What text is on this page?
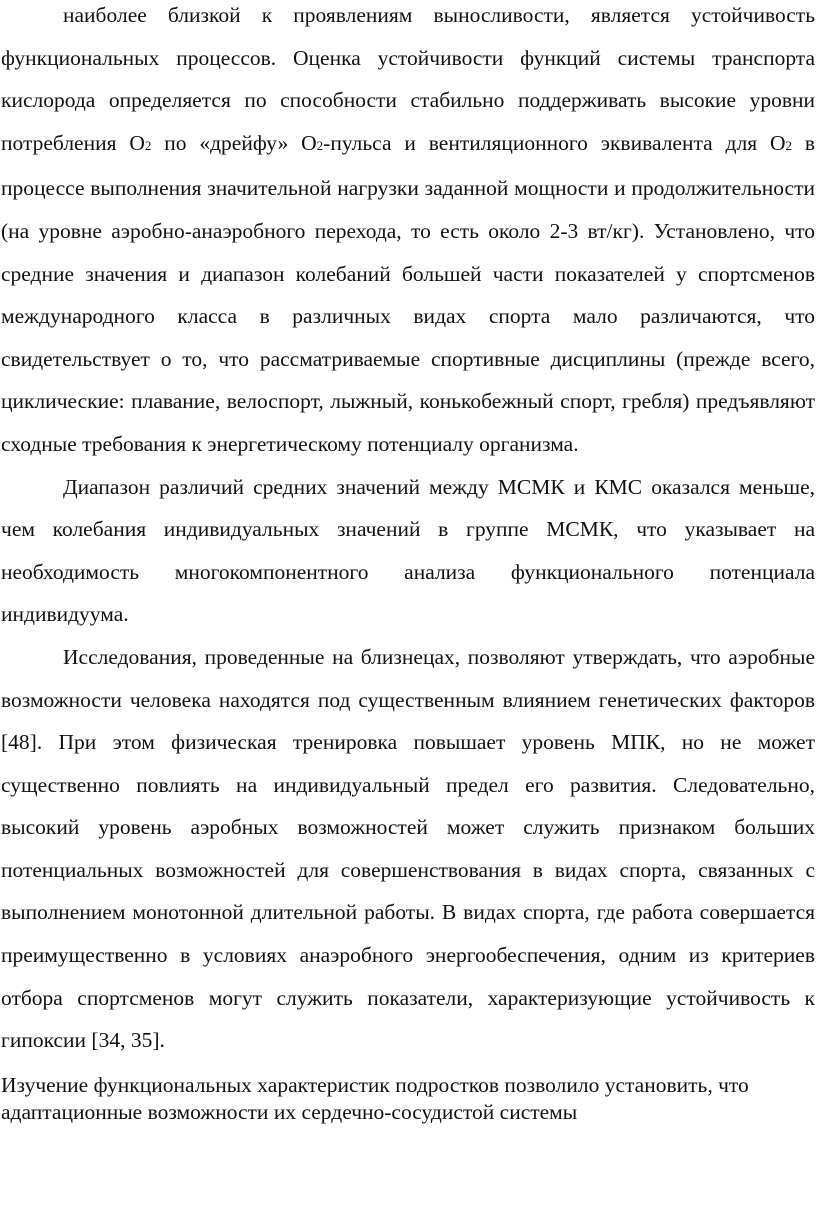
наиболее близкой к проявлениям выносливости, является устойчивость функциональных процессов. Оценка устойчивости функций системы транспорта кислорода определяется по способности стабильно поддерживать высокие уровни потребления О2 по «дрейфу» О2-пульса и вентиляционного эквивалента для О2 в процессе выполнения значительной нагрузки заданной мощности и продолжительности (на уровне аэробно-анаэробного перехода, то есть около 2-3 вт/кг). Установлено, что средние значения и диапазон колебаний большей части показателей у спортсменов международного класса в различных видах спорта мало различаются, что свидетельствует о то, что рассматриваемые спортивные дисциплины (прежде всего, циклические: плавание, велоспорт, лыжный, конькобежный спорт, гребля) предъявляют сходные требования к энергетическому потенциалу организма.

Диапазон различий средних значений между МСМК и КМС оказался меньше, чем колебания индивидуальных значений в группе МСМК, что указывает на необходимость многокомпонентного анализа функционального потенциала индивидуума.

Исследования, проведенные на близнецах, позволяют утверждать, что аэробные возможности человека находятся под существенным влиянием генетических факторов [48]. При этом физическая тренировка повышает уровень МПК, но не может существенно повлиять на индивидуальный предел его развития. Следовательно, высокий уровень аэробных возможностей может служить признаком больших потенциальных возможностей для совершенствования в видах спорта, связанных с выполнением монотонной длительной работы. В видах спорта, где работа совершается преимущественно в условиях анаэробного энергообеспечения, одним из критериев отбора спортсменов могут служить показатели, характеризующие устойчивость к гипоксии [34, 35].

Изучение функциональных характеристик подростков позволило установить, что адаптационные возможности их сердечно-сосудистой системы
